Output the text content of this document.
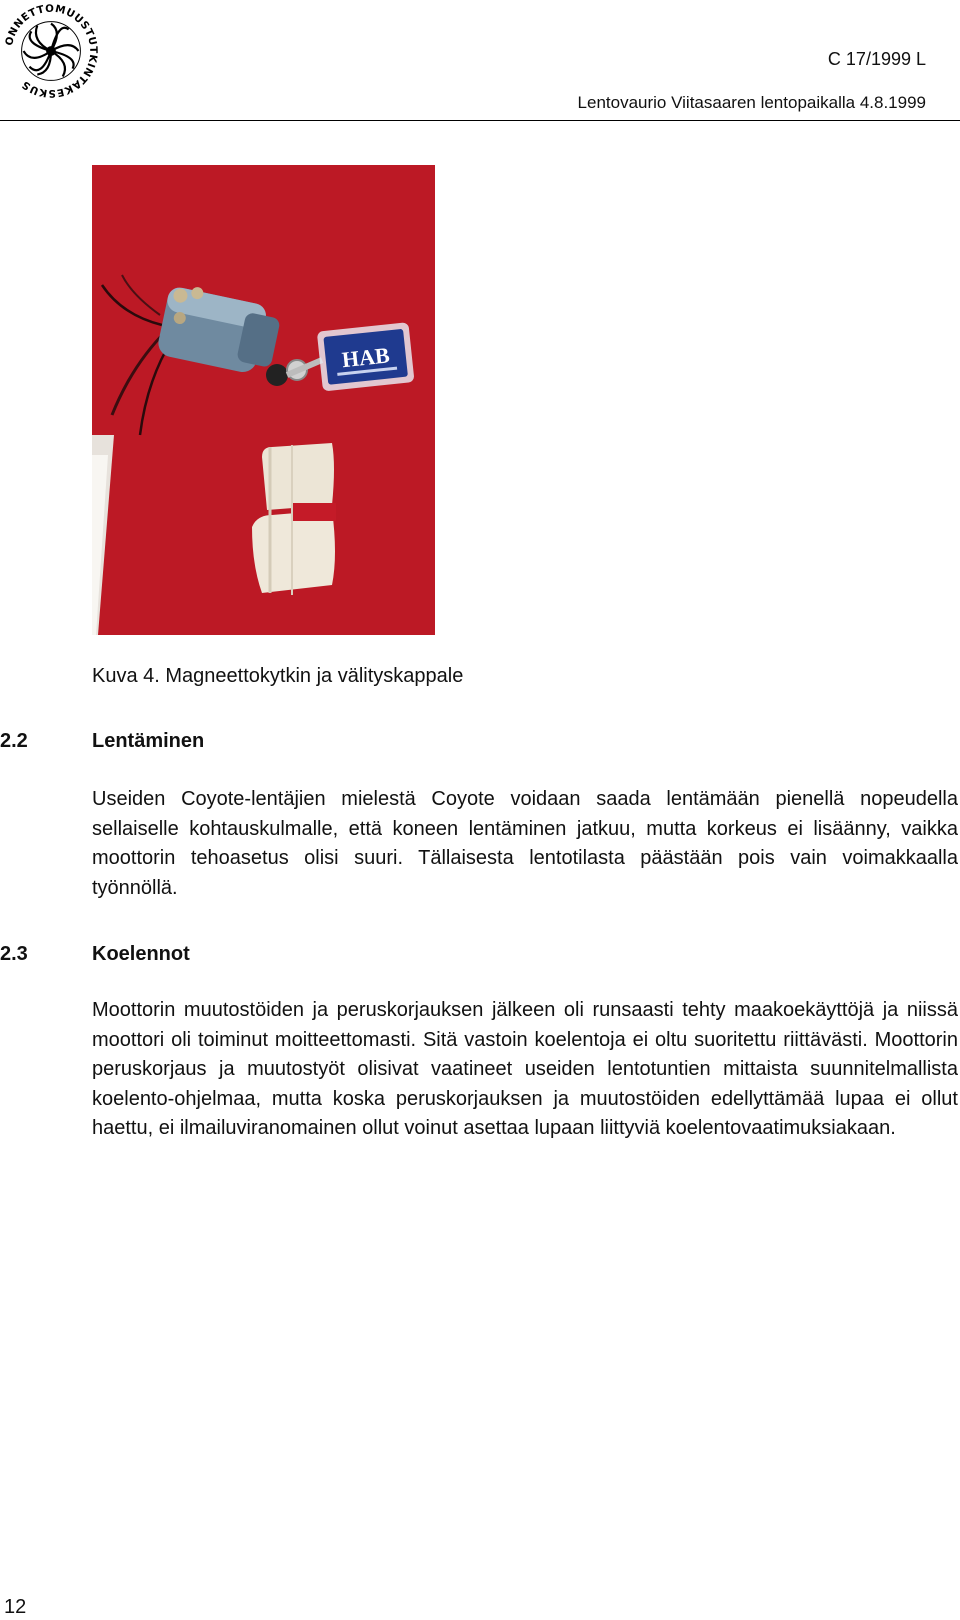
ONNETTOMUUSTUTKINTAKESKUS
C 17/1999 L
Lentovaurio Viitasaaren lentopaikalla 4.8.1999
HAB
Kuva 4. Magneettokytkin ja välityskappale
2.2	Lentäminen

Useiden Coyote-lentäjien mielestä Coyote voidaan saada lentämään pienellä nopeudella sellaiselle kohtauskulmalle, että koneen lentäminen jatkuu, mutta korkeus ei lisäänny, vaikka moottorin tehoasetus olisi suuri. Tällaisesta lentotilasta päästään pois vain voimakkaalla työnnöllä.

2.3	Koelennot

Moottorin muutostöiden ja peruskorjauksen jälkeen oli runsaasti tehty maakoekäyttöjä ja niissä moottori oli toiminut moitteettomasti. Sitä vastoin koelentoja ei oltu suoritettu riittävästi. Moottorin peruskorjaus ja muutostyöt olisivat vaatineet useiden lentotuntien mittaista suunnitelmallista koelento-ohjelmaa, mutta koska peruskorjauksen ja muutostöiden edellyttämää lupaa ei ollut haettu, ei ilmailuviranomainen ollut voinut asettaa lupaan liittyviä koelentovaatimuksiakaan.

12
